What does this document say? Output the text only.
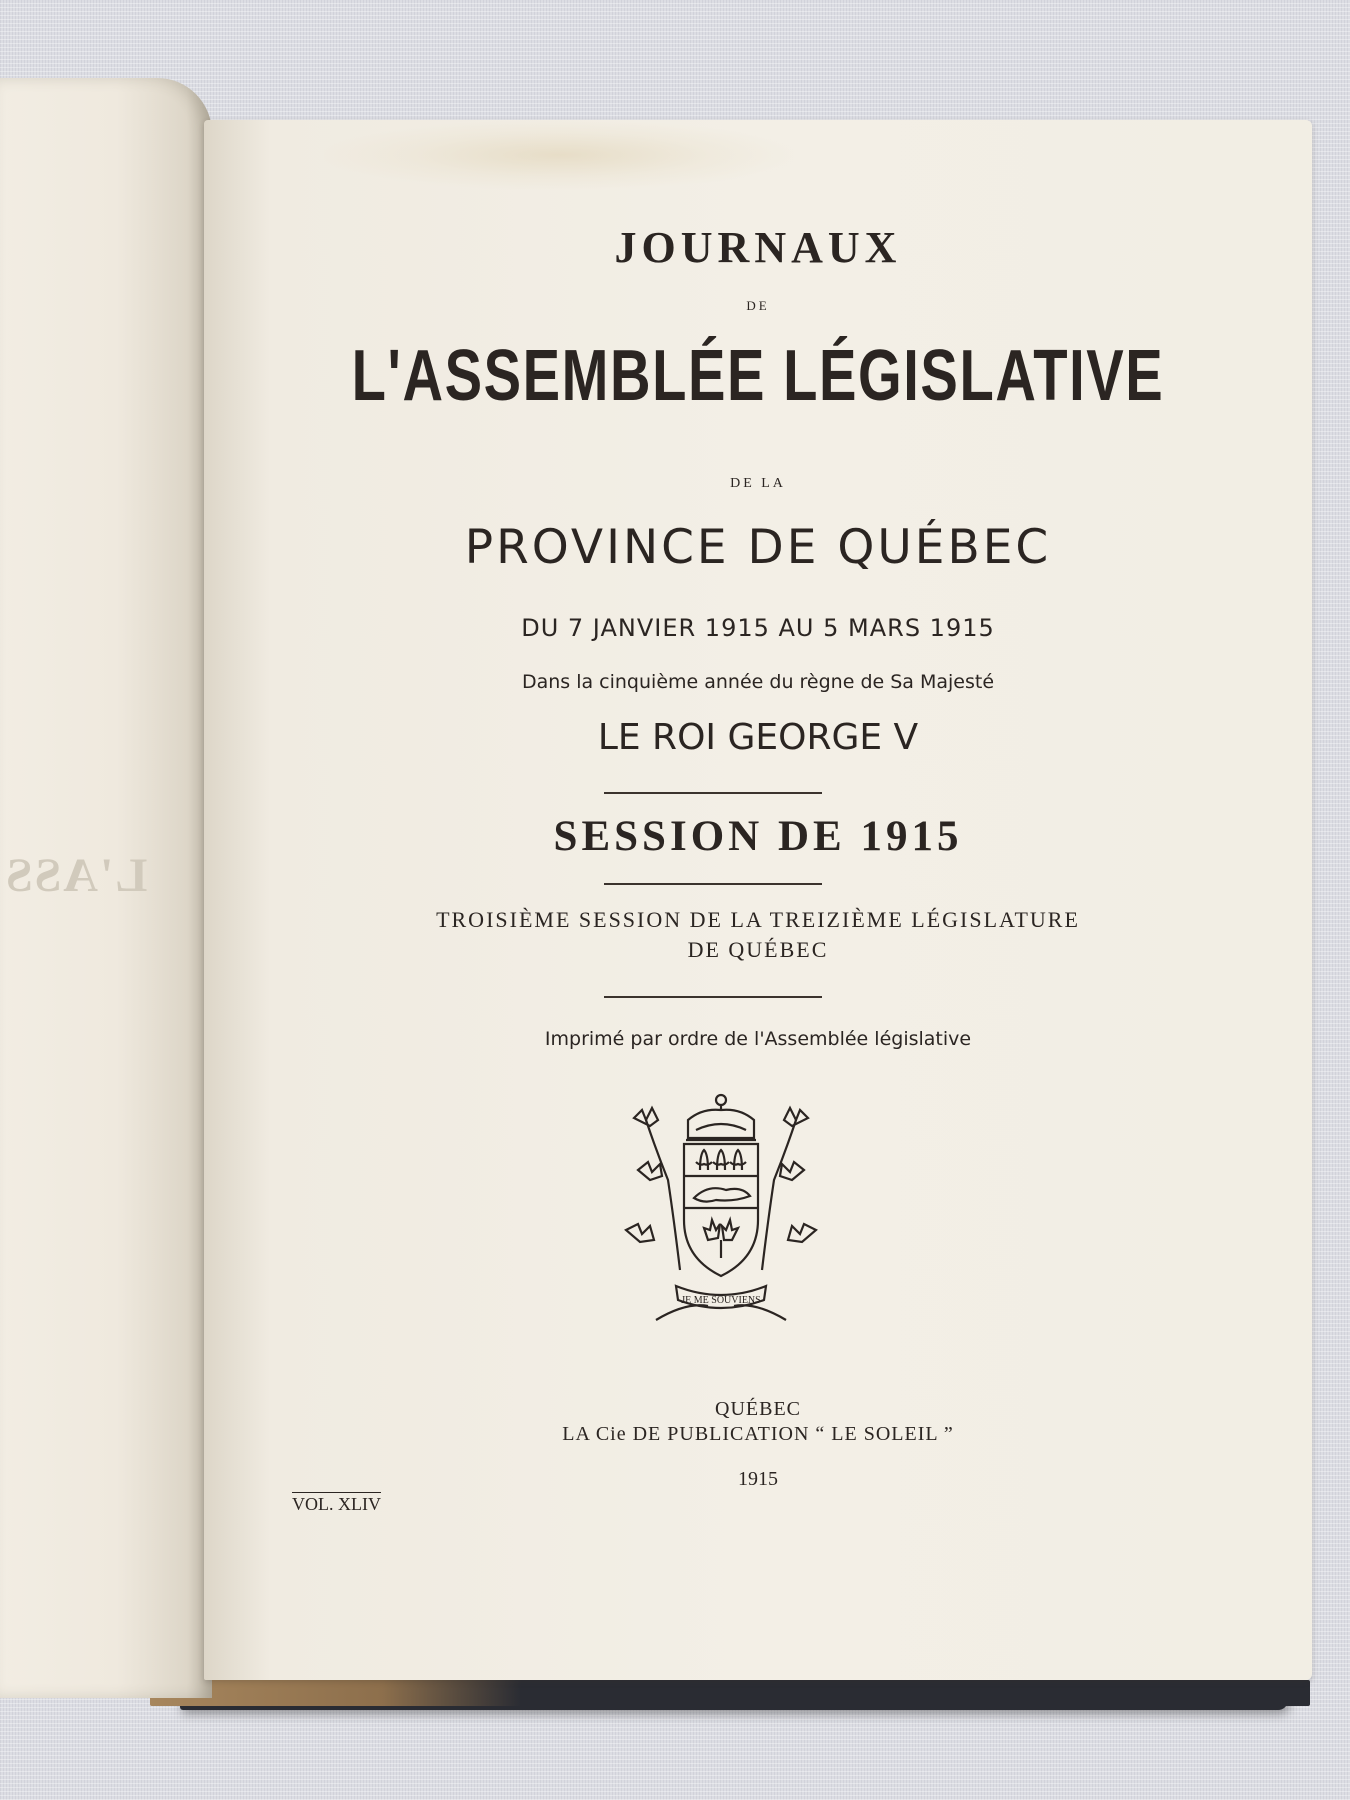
L'ASS
JOURNAUX
DE
L'ASSEMBLÉE LÉGISLATIVE
DE LA
PROVINCE DE QUÉBEC
DU 7 JANVIER 1915 AU 5 MARS 1915
Dans la cinquième année du règne de Sa Majesté
LE ROI GEORGE V
SESSION DE 1915
TROISIÈME SESSION DE LA TREIZIÈME LÉGISLATURE
DE QUÉBEC
Imprimé par ordre de l'Assemblée législative
JE ME SOUVIENS
QUÉBEC
LA Cie DE PUBLICATION “ LE SOLEIL ”
1915
VOL. XLIV
